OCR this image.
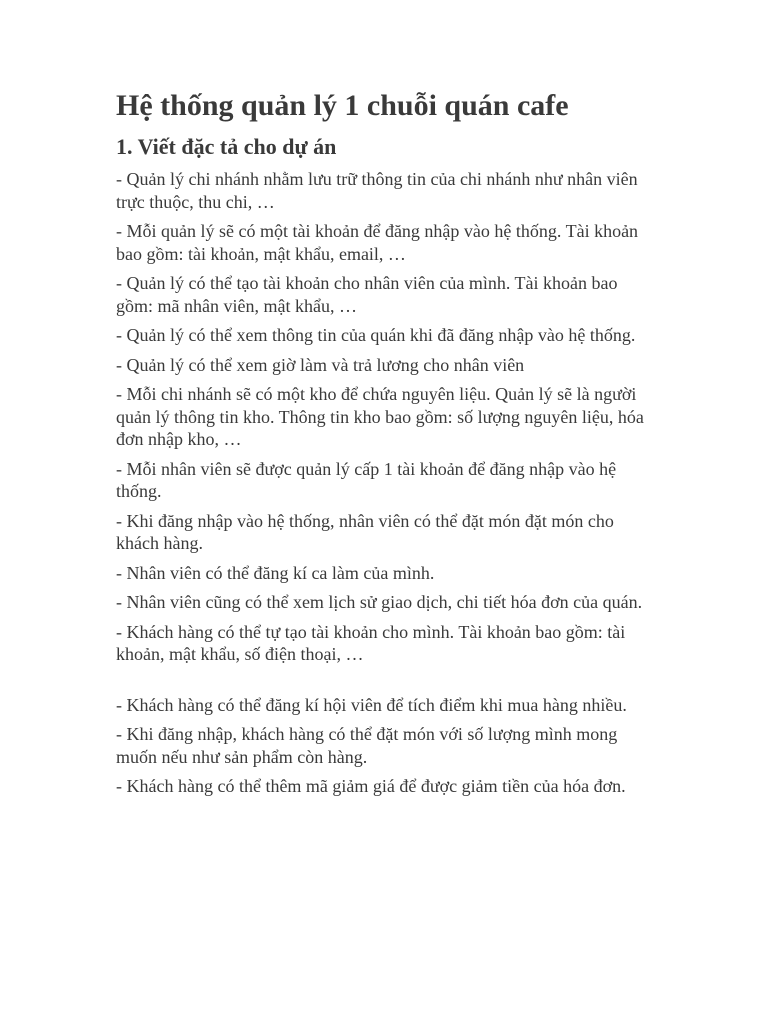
Hệ thống quản lý 1 chuỗi quán cafe
1. Viết đặc tả cho dự án

- Quản lý chi nhánh nhằm lưu trữ thông tin của chi nhánh như nhân viên trực thuộc, thu chi, …

- Mỗi quản lý sẽ có một tài khoản để đăng nhập vào hệ thống. Tài khoản bao gồm: tài khoản, mật khẩu, email, …

- Quản lý có thể tạo tài khoản cho nhân viên của mình. Tài khoản bao gồm: mã nhân viên, mật khẩu, …

- Quản lý có thể xem thông tin của quán khi đã đăng nhập vào hệ thống.

- Quản lý có thể xem giờ làm và trả lương cho nhân viên

- Mỗi chi nhánh sẽ có một kho để chứa nguyên liệu. Quản lý sẽ là người quản lý thông tin kho. Thông tin kho bao gồm: số lượng nguyên liệu, hóa đơn nhập kho, …

- Mỗi nhân viên sẽ được quản lý cấp 1 tài khoản để đăng nhập vào hệ thống.

- Khi đăng nhập vào hệ thống, nhân viên có thể đặt món đặt món cho khách hàng.

- Nhân viên có thể đăng kí ca làm của mình.

- Nhân viên cũng có thể xem lịch sử giao dịch, chi tiết hóa đơn của quán.

- Khách hàng có thể tự tạo tài khoản cho mình. Tài khoản bao gồm: tài khoản, mật khẩu, số điện thoại, …

- Khách hàng có thể đăng kí hội viên để tích điểm khi mua hàng nhiều.

- Khi đăng nhập, khách hàng có thể đặt món với số lượng mình mong muốn nếu như sản phẩm còn hàng.

- Khách hàng có thể thêm mã giảm giá để được giảm tiền của hóa đơn.
